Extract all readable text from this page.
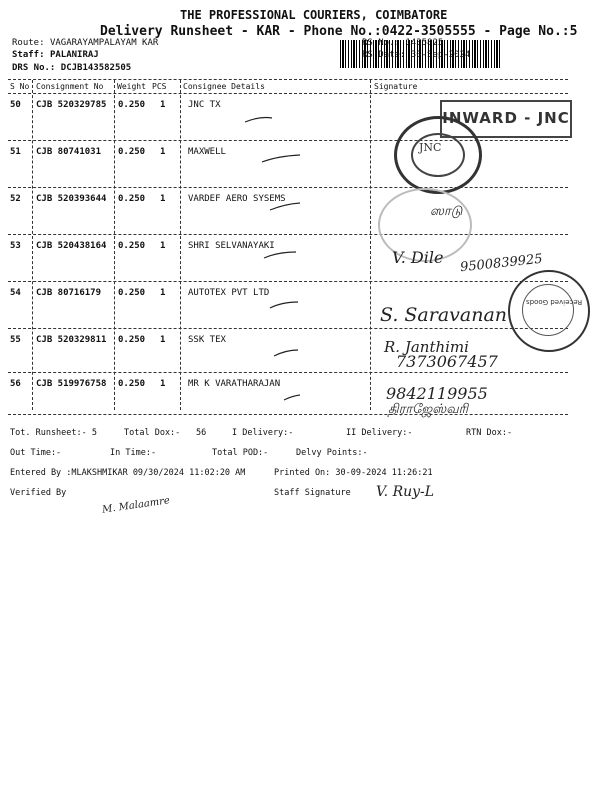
THE PROFESSIONAL COURIERS, COIMBATORE
Delivery Runsheet - KAR - Phone No.:0422-3505555 - Page No.:5
Route: VAGARAYAMPALAYAM KAR
Staff: PALANIRAJ
DRS No.: DCJB143582505
RS No.: 1435825
RS Date: 30-Sep-2024
S No Consignment No Weight PCS Consignee Details	Signature
50 CJB 520329785 0.250 1	JNC TX
51 CJB 80741031 0.250 1	MAXWELL
52 CJB 520393644 0.250 1	VARDEF AERO SYSEMS
53 CJB 520438164 0.250 1	SHRI SELVANAYAKI
54 CJB 80716179 0.250 1	AUTOTEX PVT LTD
55 CJB 520329811 0.250 1	SSK TEX
56 CJB 519976758 0.250 1	MR K VARATHARAJAN
INWARD - JNC
JNC
Received Goods
ஸாடு
V. Dile 9500839925
S. Saravanan
R. Janthimi
7373067457
9842119955
திராஜேஸ்வரி
Tot. Runsheet:- 5	Total Dox:- 56	I Delivery:-	II Delivery:-	RTN Dox:-
Out Time:-	In Time:-	Total POD:-	Delvy Points:-
Entered By :MLAKSHMIKAR 09/30/2024 11:02:20 AM	Printed On: 30-09-2024 11:26:21
Verified By	Staff Signature
M. Malaamre
V. Ruy-L
